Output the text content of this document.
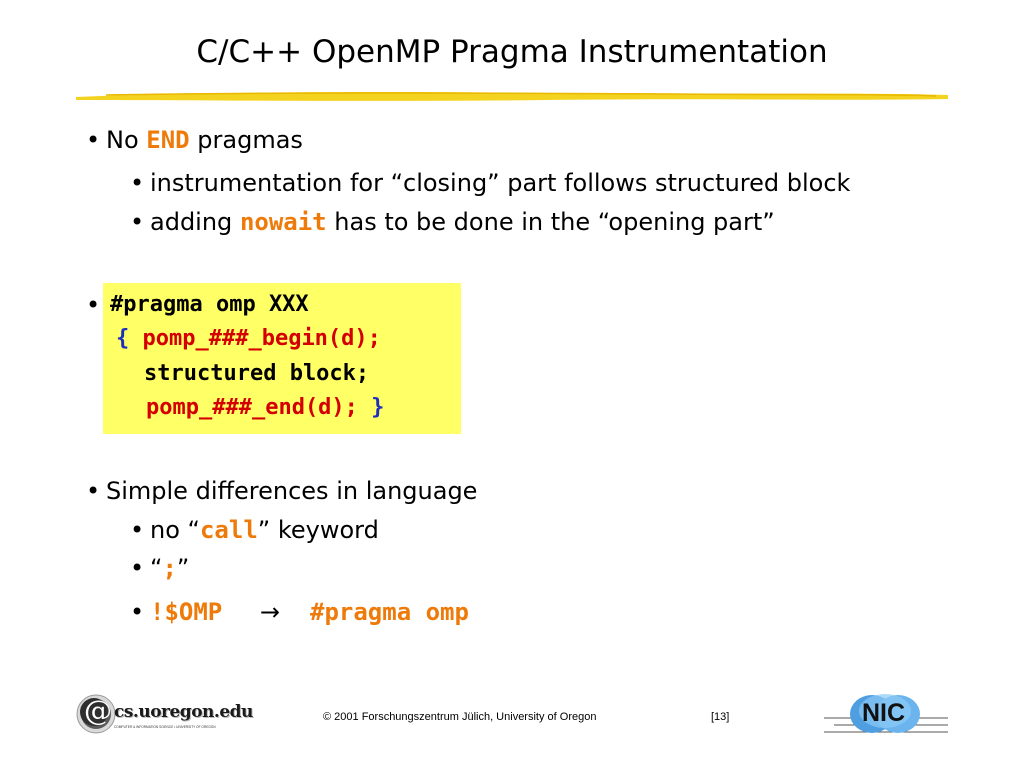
C/C++ OpenMP Pragma Instrumentation
• No END pragmas
• instrumentation for “closing” part follows structured block
• adding nowait has to be done in the “opening part”
• #pragma omp XXX
{ pomp_###_begin(d);
structured block;
pomp_###_end(d); }
• Simple differences in language
• no “call” keyword
• “;”
• !$OMP → #pragma omp
@ cs.uoregon.edu
COMPUTER & INFORMATION SCIENCE • UNIVERSITY OF OREGON
© 2001 Forschungszentrum Jülich, University of Oregon	[13]	NIC
